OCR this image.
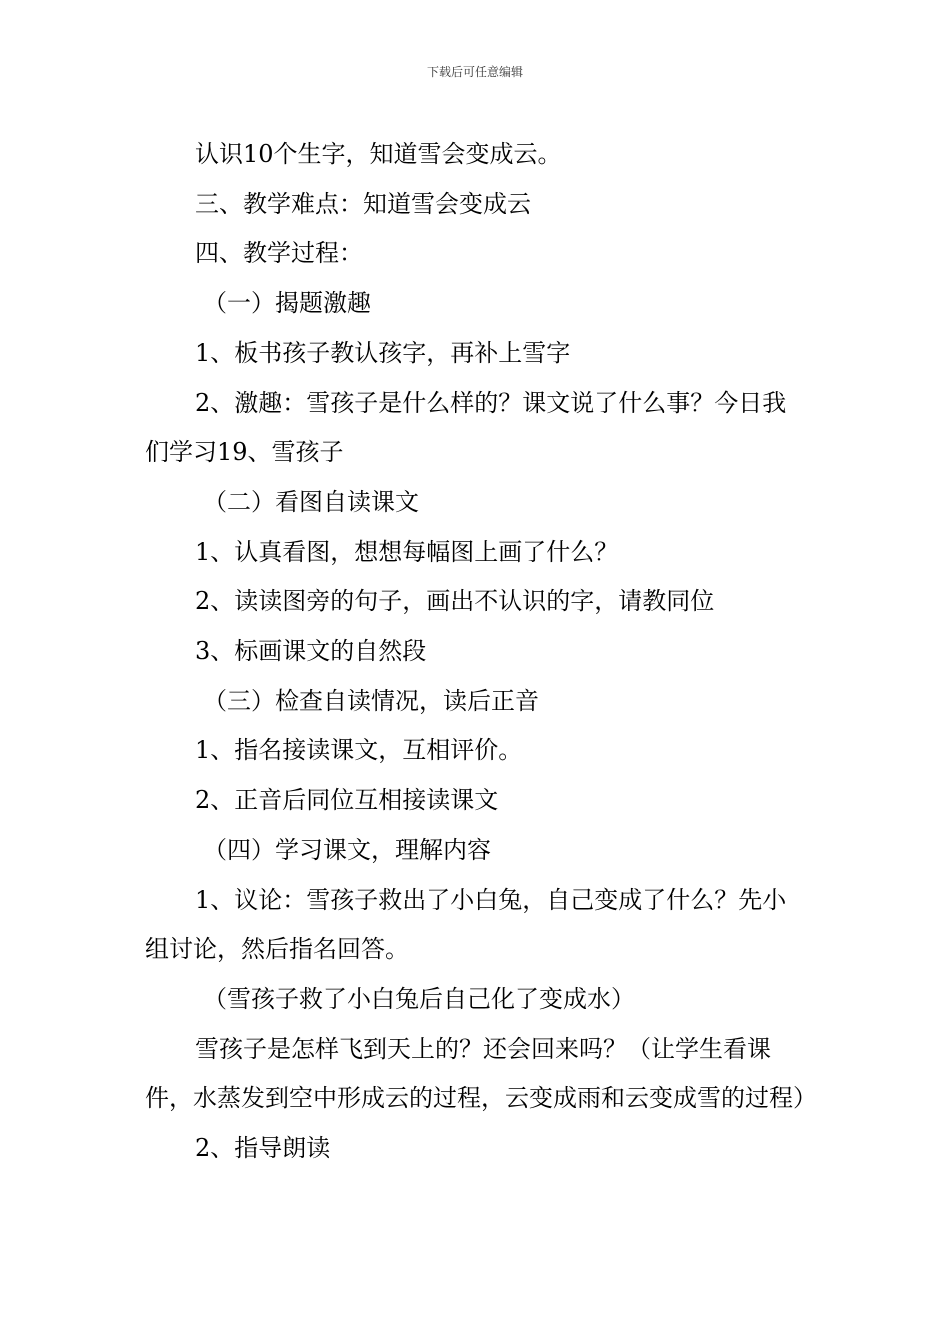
下载后可任意编辑

认识10个生字，知道雪会变成云。

三、教学难点：知道雪会变成云

四、教学过程：

（一）揭题激趣

1、板书孩子教认孩字，再补上雪字

2、激趣：雪孩子是什么样的？课文说了什么事？今日我们学习19、雪孩子

（二）看图自读课文

1、认真看图，想想每幅图上画了什么？

2、读读图旁的句子，画出不认识的字，请教同位

3、标画课文的自然段

（三）检查自读情况，读后正音

1、指名接读课文，互相评价。

2、正音后同位互相接读课文

（四）学习课文，理解内容

1、议论：雪孩子救出了小白兔，自己变成了什么？先小组讨论，然后指名回答。

（雪孩子救了小白兔后自己化了变成水）

雪孩子是怎样飞到天上的？还会回来吗？（让学生看课件，水蒸发到空中形成云的过程，云变成雨和云变成雪的过程）

2、指导朗读
